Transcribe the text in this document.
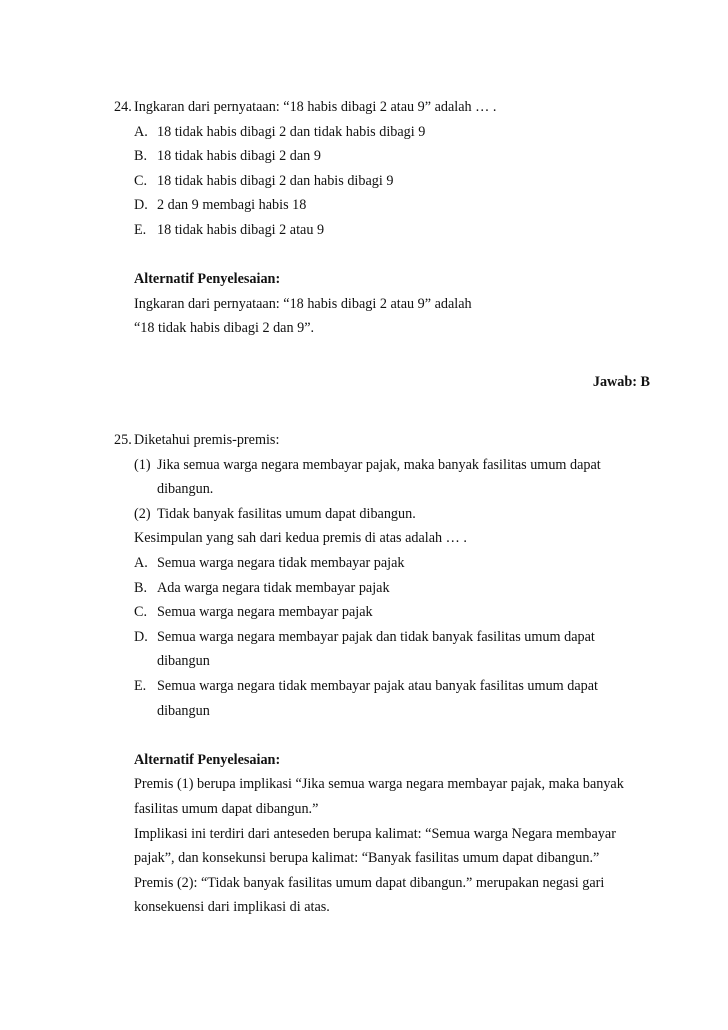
24. Ingkaran dari pernyataan: “18 habis dibagi 2 atau 9” adalah … .
A. 18 tidak habis dibagi 2 dan tidak habis dibagi 9
B. 18 tidak habis dibagi 2 dan 9
C. 18 tidak habis dibagi 2 dan habis dibagi 9
D. 2 dan 9 membagi habis 18
E. 18 tidak habis dibagi 2 atau 9
Alternatif Penyelesaian:
Ingkaran dari pernyataan: “18 habis dibagi 2 atau 9” adalah
“18 tidak habis dibagi 2 dan 9”.
Jawab: B
25. Diketahui premis-premis:
(1) Jika semua warga negara membayar pajak, maka banyak fasilitas umum dapat dibangun.
(2) Tidak banyak fasilitas umum dapat dibangun.
Kesimpulan yang sah dari kedua premis di atas adalah … .
A. Semua warga negara tidak membayar pajak
B. Ada warga negara tidak membayar pajak
C. Semua warga negara membayar pajak
D. Semua warga negara membayar pajak dan tidak banyak fasilitas umum dapat dibangun
E. Semua warga negara tidak membayar pajak atau banyak fasilitas umum dapat dibangun
Alternatif Penyelesaian:
Premis (1) berupa implikasi “Jika semua warga negara membayar pajak, maka banyak fasilitas umum dapat dibangun.”
Implikasi ini terdiri dari anteseden berupa kalimat: “Semua warga Negara membayar pajak”, dan konsekunsi berupa kalimat: “Banyak fasilitas umum dapat dibangun.”
Premis (2): “Tidak banyak fasilitas umum dapat dibangun.” merupakan negasi gari konsekuensi dari implikasi di atas.
